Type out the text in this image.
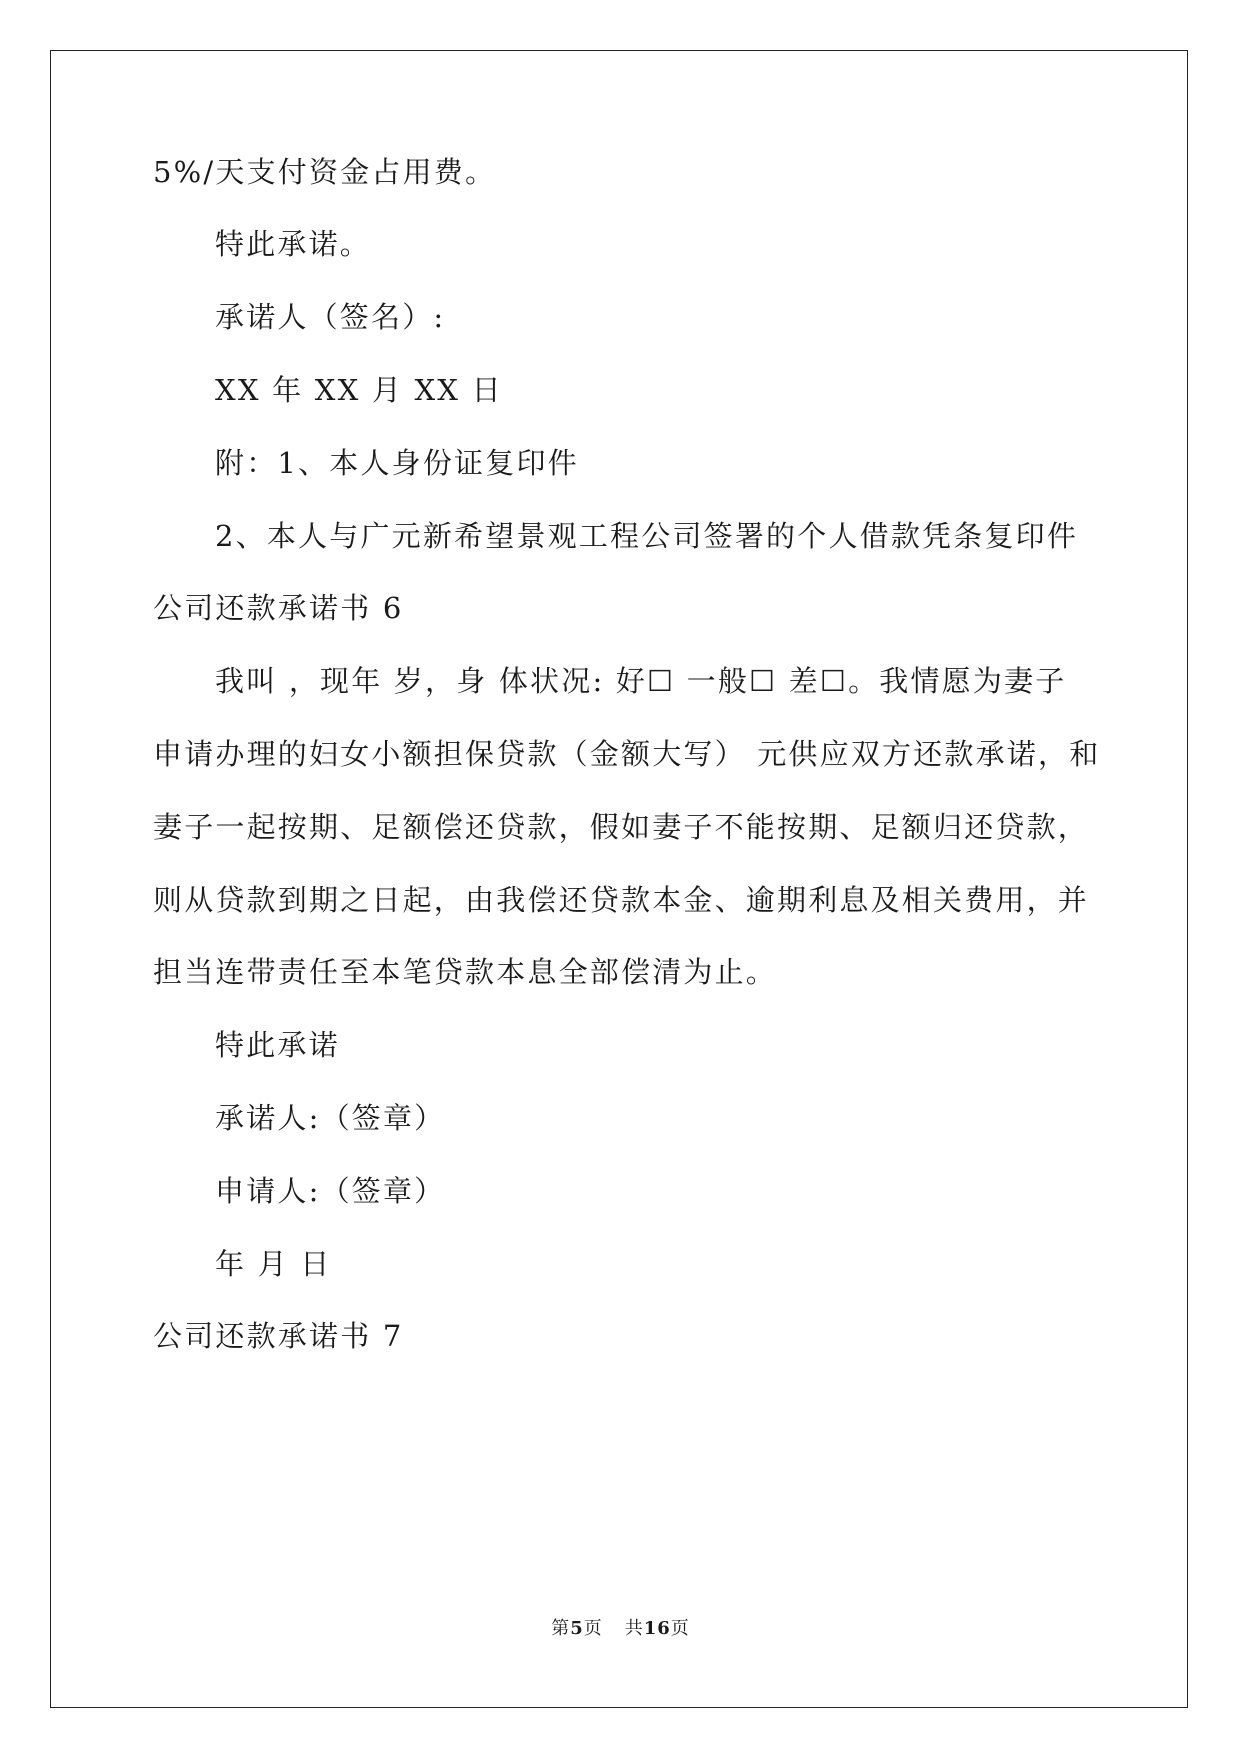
5%/天支付资金占用费。
特此承诺。
承诺人（签名）:
XX 年 XX 月 XX 日
附：1、本人身份证复印件
2、本人与广元新希望景观工程公司签署的个人借款凭条复印件
公司还款承诺书 6
我叫 ，现年 岁，身 体状况: 好☐ 一般☐ 差☐。我情愿为妻子
申请办理的妇女小额担保贷款（金额大写） 元供应双方还款承诺，和
妻子一起按期、足额偿还贷款，假如妻子不能按期、足额归还贷款，
则从贷款到期之日起，由我偿还贷款本金、逾期利息及相关费用，并
担当连带责任至本笔贷款本息全部偿清为止。
特此承诺
承诺人:（签章）
申请人:（签章）
年 月 日
公司还款承诺书 7
第5页 共16页
